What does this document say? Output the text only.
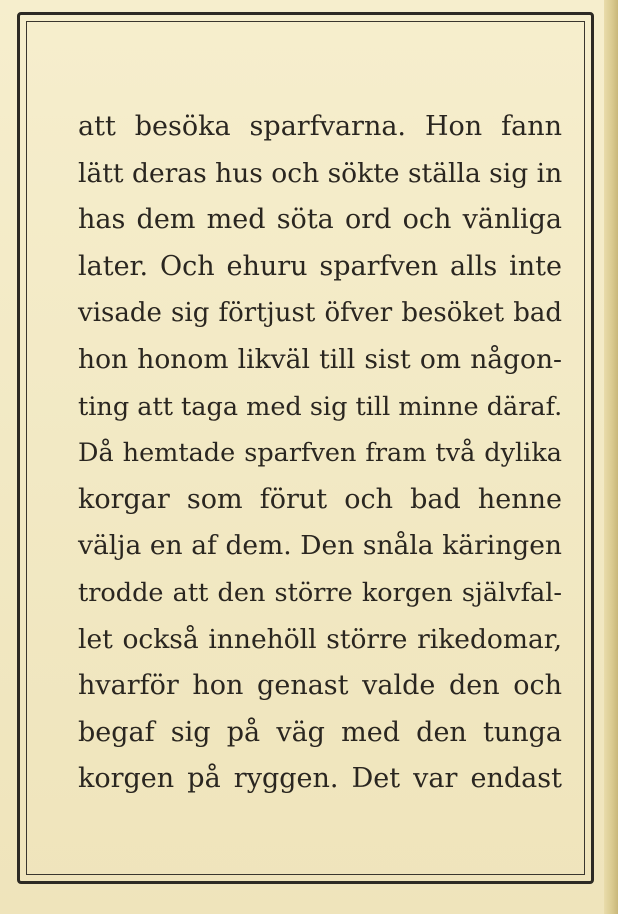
att besöka sparfvarna. Hon fann
lätt deras hus och sökte ställa sig in
has dem med söta ord och vänliga
later. Och ehuru sparfven alls inte
visade sig förtjust öfver besöket bad
hon honom likväl till sist om någon-
ting att taga med sig till minne däraf.
Då hemtade sparfven fram två dylika
korgar som förut och bad henne
välja en af dem. Den snåla käringen
trodde att den större korgen självfal-
let också innehöll större rikedomar,
hvarför hon genast valde den och
begaf sig på väg med den tunga
korgen på ryggen. Det var endast
